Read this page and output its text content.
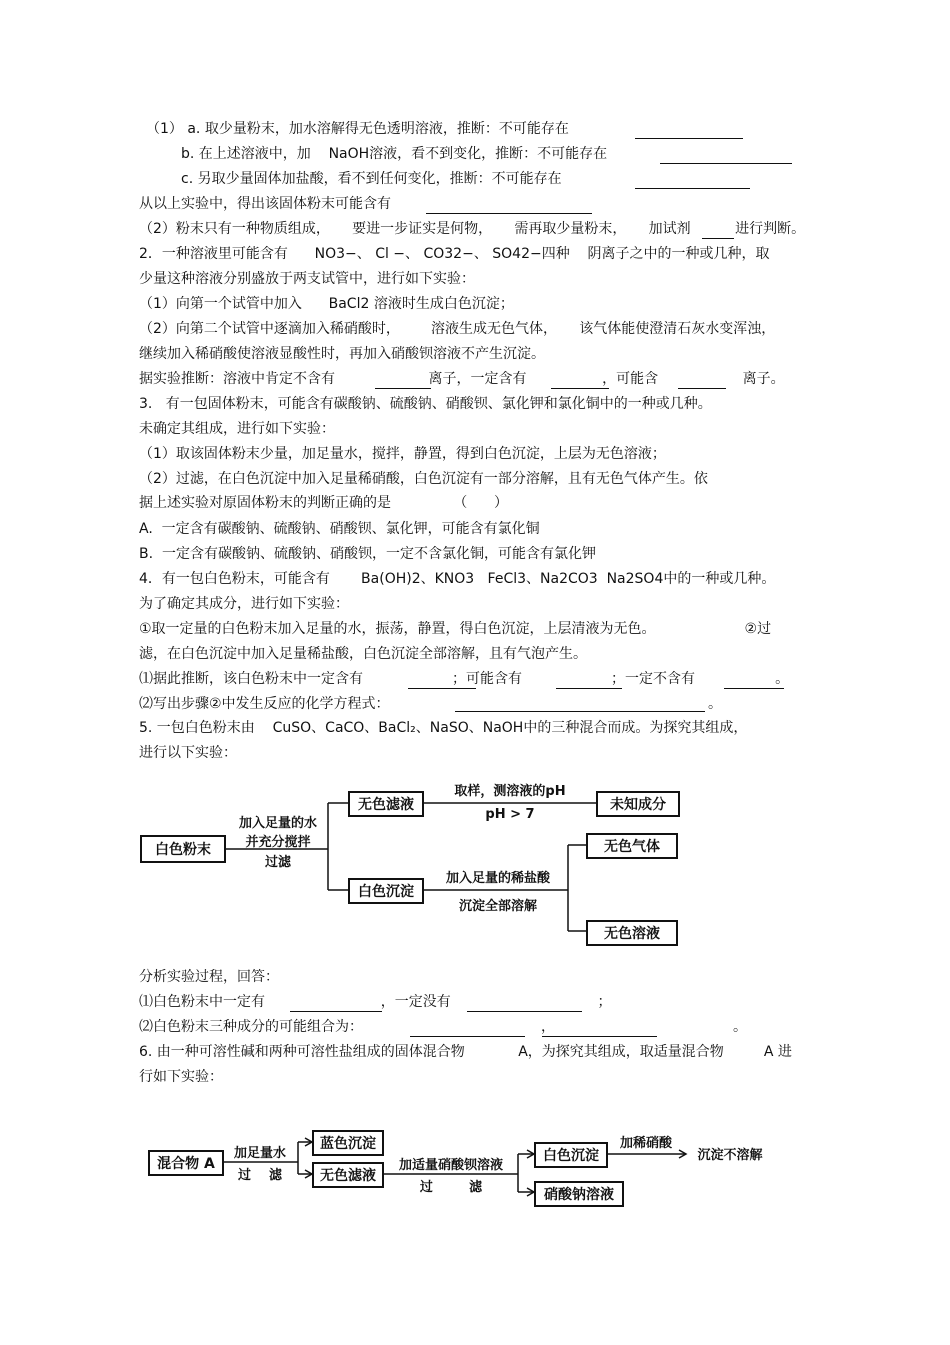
（1） a. 取少量粉末，加水溶解得无色透明溶液，推断：不可能存在
b. 在上述溶液中，加    NaOH溶液，看不到变化，推断：不可能存在
c. 另取少量固体加盐酸，看不到任何变化，推断：不可能存在
从以上实验中，得出该固体粉末可能含有
（2）粉末只有一种物质组成，     要进一步证实是何物，     需再取少量粉末，     加试剂          进行判断。
2．一种溶液里可能含有      NO3−、 Cl −、 CO32−、 SO42−四种    阴离子之中的一种或几种，取
少量这种溶液分别盛放于两支试管中，进行如下实验：
（1）向第一个试管中加入      BaCl2 溶液时生成白色沉淀；
（2）向第二个试管中逐滴加入稀硝酸时，       溶液生成无色气体，     该气体能使澄清石灰水变浑浊，
继续加入稀硝酸使溶液显酸性时，再加入硝酸钡溶液不产生沉淀。
据实验推断：溶液中肯定不含有                     离子，一定含有                 ，可能含                   离子。
3.   有一包固体粉末，可能含有碳酸钠、硫酸钠、硝酸钡、氯化钾和氯化铜中的一种或几种。
未确定其组成，进行如下实验：
（1）取该固体粉末少量，加足量水，搅拌，静置，得到白色沉淀，上层为无色溶液；
（2）过滤，在白色沉淀中加入足量稀硝酸，白色沉淀有一部分溶解，且有无色气体产生。依
据上述实验对原固体粉末的判断正确的是              （      ）
A.  一定含有碳酸钠、硫酸钠、硝酸钡、氯化钾，可能含有氯化铜
B.  一定含有碳酸钠、硫酸钠、硝酸钡，一定不含氯化铜，可能含有氯化钾
4．有一包白色粉末，可能含有       Ba(OH)2、KNO3   FeCl3、Na2CO3  Na2SO4中的一种或几种。
为了确定其成分，进行如下实验：
①取一定量的白色粉末加入足量的水，振荡，静置，得白色沉淀，上层清液为无色。                    ②过
滤，在白色沉淀中加入足量稀盐酸，白色沉淀全部溶解，且有气泡产生。
⑴据此推断，该白色粉末中一定含有                    ；可能含有                    ；一定不含有                  。
⑵写出步骤②中发生反应的化学方程式：	。
5. 一包白色粉末由    CuSO、CaCO、BaCl₂、NaSO、NaOH中的三种混合而成。为探究其组成，
进行以下实验：
白色粉末
加入足量的水
并充分搅拌
过滤
无色滤液
取样，测溶液的pH
pH > 7
未知成分
白色沉淀
加入足量的稀盐酸
沉淀全部溶解
无色气体
无色溶液
分析实验过程，回答：
⑴白色粉末中一定有                          ，一定没有                                 ；
⑵白色粉末三种成分的可能组合为：                                        ，                                        。
6. 由一种可溶性碱和两种可溶性盐组成的固体混合物            A，为探究其组成，取适量混合物         A 进
行如下实验：
混合物 A
加足量水
过    滤
蓝色沉淀
无色滤液
加适量硝酸钡溶液
过        滤
白色沉淀
加稀硝酸
沉淀不溶解
硝酸钠溶液
